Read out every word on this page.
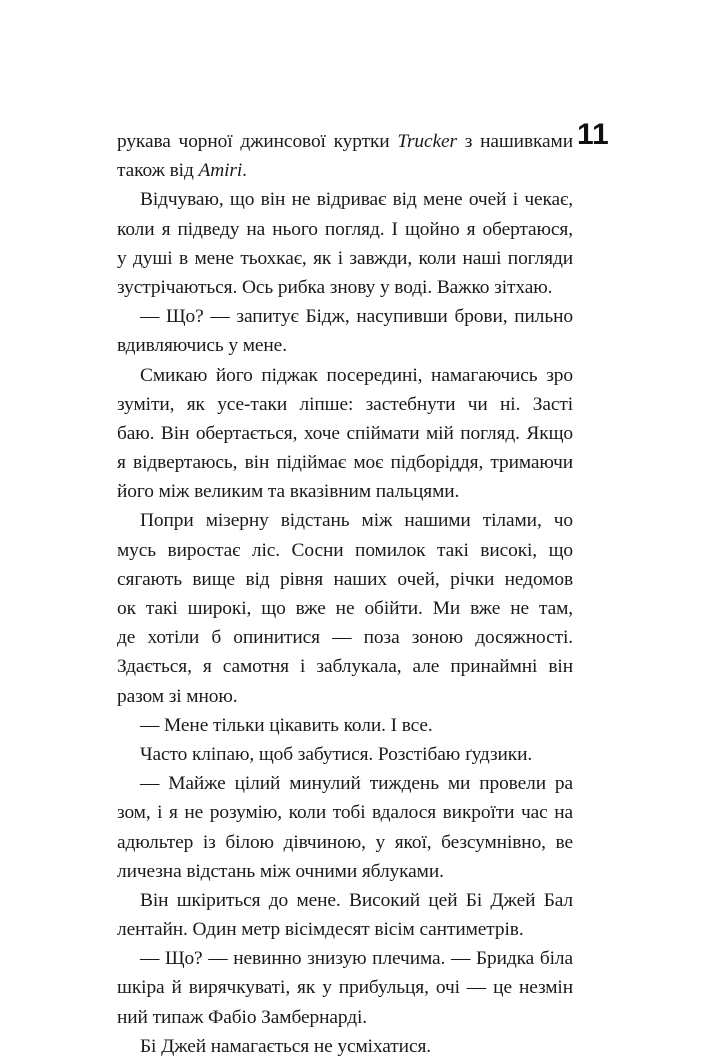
11
рукава чорної джинсової куртки Trucker з нашивками
також від Amiri.
Відчуваю, що він не відриває від мене очей і чекає,
коли я підведу на нього погляд. І щойно я обертаюся,
у душі в мене тьохкає, як і завжди, коли наші погляди
зустрічаються. Ось рибка знову у воді. Важко зітхаю.
— Що? — запитує Бідж, насупивши брови, пильно
вдивляючись у мене.
Смикаю його піджак посередині, намагаючись зро
зуміти, як усе-таки ліпше: застебнути чи ні. Засті
баю. Він обертається, хоче спіймати мій погляд. Якщо
я відвертаюсь, він підіймає моє підборіддя, тримаючи
його між великим та вказівним пальцями.
Попри мізерну відстань між нашими тілами, чо
мусь виростає ліс. Сосни помилок такі високі, що
сягають вище від рівня наших очей, річки недомов
ок такі широкі, що вже не обійти. Ми вже не там,
де хотіли б опинитися — поза зоною досяжності.
Здається, я самотня і заблукала, але принаймні він
разом зі мною.
— Мене тільки цікавить коли. І все.
Часто кліпаю, щоб забутися. Розстібаю ґудзики.
— Майже цілий минулий тиждень ми провели ра
зом, і я не розумію, коли тобі вдалося викроїти час на
адюльтер із білою дівчиною, у якої, безсумнівно, ве
личезна відстань між очними яблуками.
Він шкіриться до мене. Високий цей Бі Джей Бал
лентайн. Один метр вісімдесят вісім сантиметрів.
— Що? — невинно знизую плечима. — Бридка біла
шкіра й вирячкуваті, як у прибульця, очі — це незмін
ний типаж Фабіо Замбернарді.
Бі Джей намагається не усміхатися.
